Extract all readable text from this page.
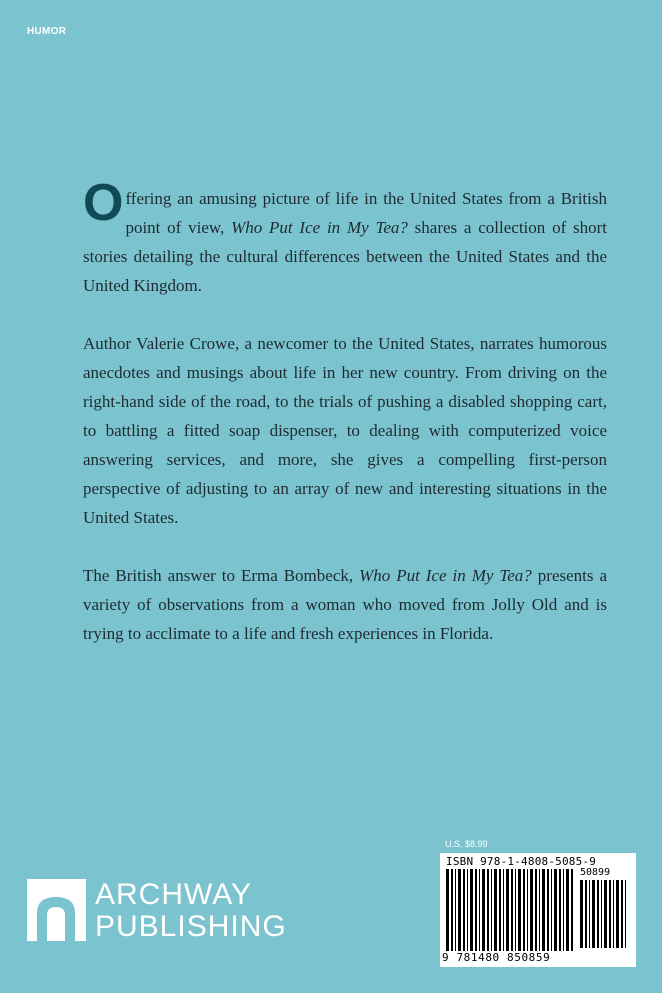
HUMOR

Offering an amusing picture of life in the United States from a British point of view, Who Put Ice in My Tea? shares a collection of short stories detailing the cultural differences between the United States and the United Kingdom.

Author Valerie Crowe, a newcomer to the United States, narrates humorous anecdotes and musings about life in her new country. From driving on the right-hand side of the road, to the trials of pushing a disabled shopping cart, to battling a fitted soap dispenser, to dealing with computerized voice answering services, and more, she gives a compelling first-person perspective of adjusting to an array of new and interesting situations in the United States.

The British answer to Erma Bombeck, Who Put Ice in My Tea? presents a variety of observations from a woman who moved from Jolly Old and is trying to acclimate to a life and fresh experiences in Florida.

ARCHWAY
PUBLISHING
U.S. $8.99
ISBN 978-1-4808-5085-9
50899
9 781480 850859
